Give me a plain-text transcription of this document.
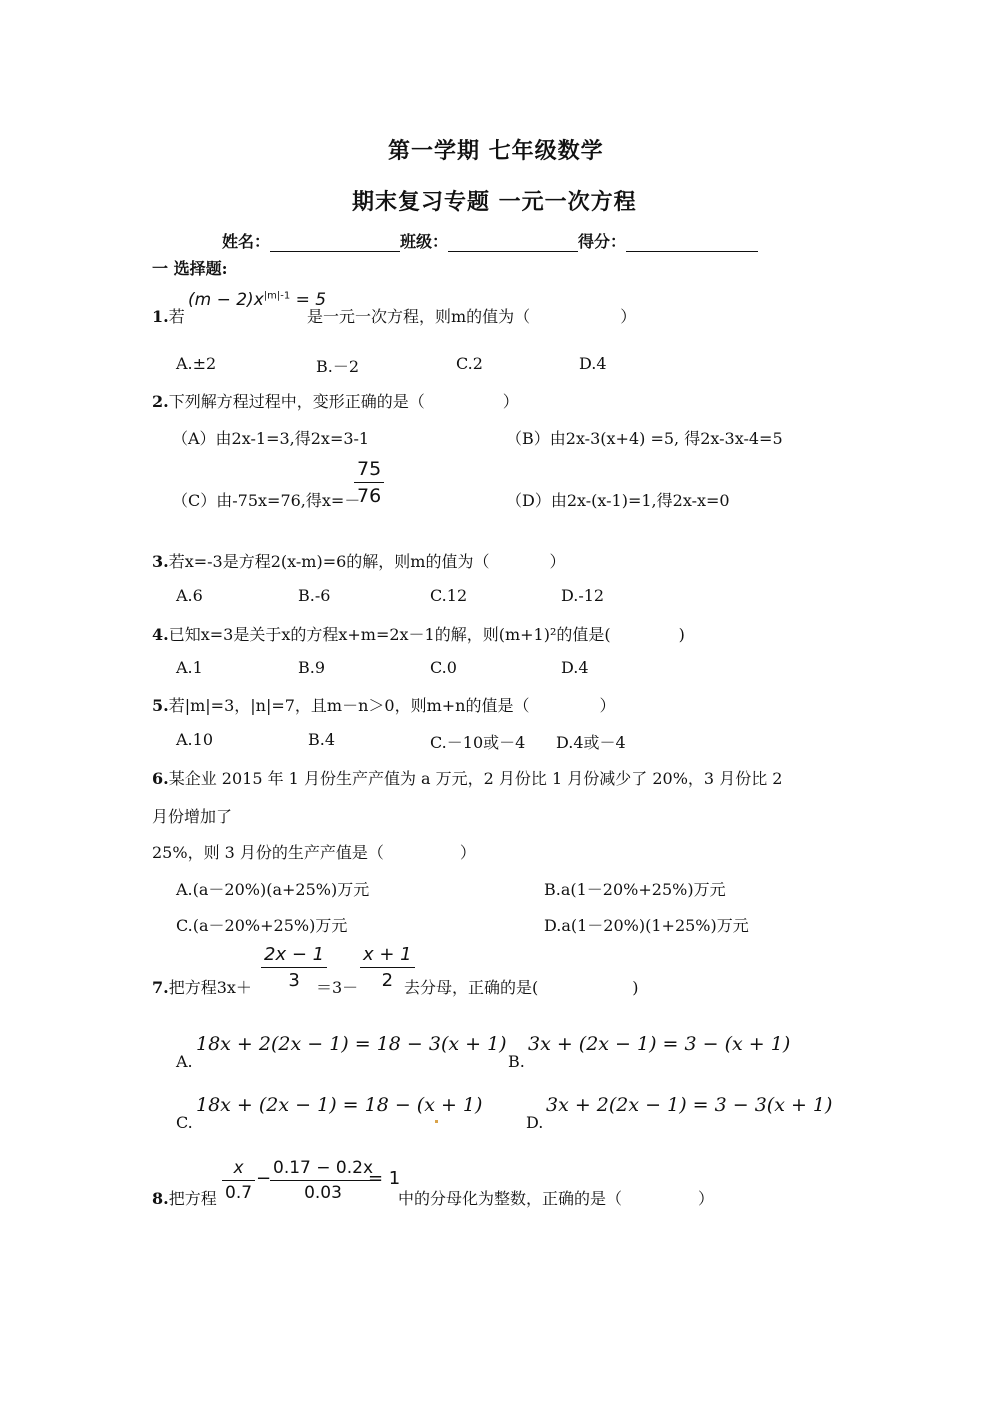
第一学期 七年级数学
期末复习专题 一元一次方程
姓名：	班级：	得分：
一 选择题:
1.若
$(m - 2)x^{|m|-1} = 5$
是一元一次方程，则m的值为（	）
A.±2	B.－2	C.2	D.4
2.下列解方程过程中，变形正确的是（	）
（A）由2x-1=3,得2x=3-1	（B）由2x-3(x+4) =5, 得2x-3x-4=5
（C）由-75x=76,得x=－
$\frac{75}{76}$	（D）由2x-(x-1)=1,得2x-x=0
3.若x=-3是方程2(x-m)=6的解，则m的值为（	）
A.6	B.-6	C.12	D.-12
4.已知x=3是关于x的方程x+m=2x－1的解，则(m+1)²的值是(	)
A.1	B.9	C.0	D.4
5.若|m|=3，|n|=7，且m－n＞0，则m+n的值是（	）
A.10	B.4	C.－10或－4 D.4或－4
6.某企业 2015 年 1 月份生产产值为 a 万元，2 月份比 1 月份减少了 20%，3 月份比 2
月份增加了
25%，则 3 月份的生产产值是（	）
A.(a－20%)(a+25%)万元	B.a(1－20%+25%)万元
C.(a－20%+25%)万元	D.a(1－20%)(1+25%)万元
7.把方程$3x+ \frac{2x - 1}{3}$
$=3- \frac{x + 1}{2}$
去分母，正确的是(	)
A.
18x + 2(2x − 1) = 18 − 3(x + 1)
B.
3x + (2x − 1) = 3 − (x + 1)
C.
18x + (2x − 1) = 18 − (x + 1)
D.
3x + 2(2x − 1) = 3 − 3(x + 1)
8.把方程 $\frac{x}{0.7}$ −
$\frac{0.17 - 0.2x}{0.03}$
= 1
中的分母化为整数，正确的是（	）
